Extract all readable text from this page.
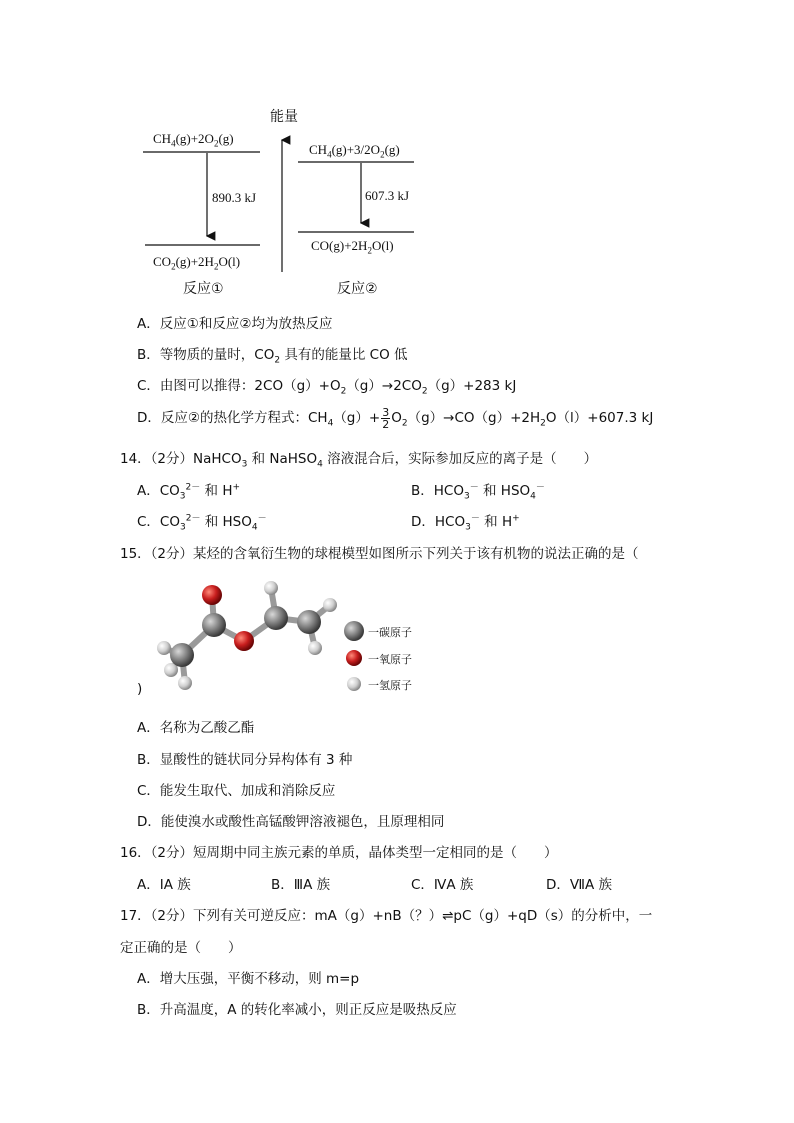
能量
$CH_4(g)+2O_2(g)$
890.3 kJ
$CO_2(g)+2H_2O(l)$
反应①
$CH_4(g)+3/2O_2(g)$
607.3 kJ
$CO(g)+2H_2O(l)$
反应②
A．反应①和反应②均为放热反应
B．等物质的量时，$CO_2$ 具有的能量比 CO 低
C．由图可以推得：$2CO(g)+O_2(g)\to 2CO_2(g)+283$ kJ
D．反应②的热化学方程式：$CH_4(g)+ \frac{3}{2} O_2(g)\to CO(g)+2H_2O(l)+607.3$ kJ
14．（2分）NaHCO$_3$ 和 NaHSO$_4$ 溶液混合后，实际参加反应的离子是（　　）
A．$CO_3^{2-}$ 和 H+	B．$HCO_3^-$ 和 $HSO_4^-$
C．$CO_3^{2-}$ 和 $HSO_4^-$	D．$HCO_3^-$ 和 H+
15．（2分）某烃的含氧衍生物的球棍模型如图所示下列关于该有机物的说法正确的是（
一碳原子
一氧原子
一氢原子
)
A．名称为乙酸乙酯
B．显酸性的链状同分异构体有 3 种
C．能发生取代、加成和消除反应
D．能使溴水或酸性高锰酸钾溶液褪色，且原理相同
16．（2分）短周期中同主族元素的单质，晶体类型一定相同的是（　　）
A．ⅠA 族	B．ⅢA 族	C．ⅣA 族	D．ⅦA 族
17．（2分）下列有关可逆反应：mA（g）+nB（？）⇌pC（g）+qD（s）的分析中，一
定正确的是（　　）
A．增大压强，平衡不移动，则 m=p
B．升高温度，A 的转化率减小，则正反应是吸热反应
